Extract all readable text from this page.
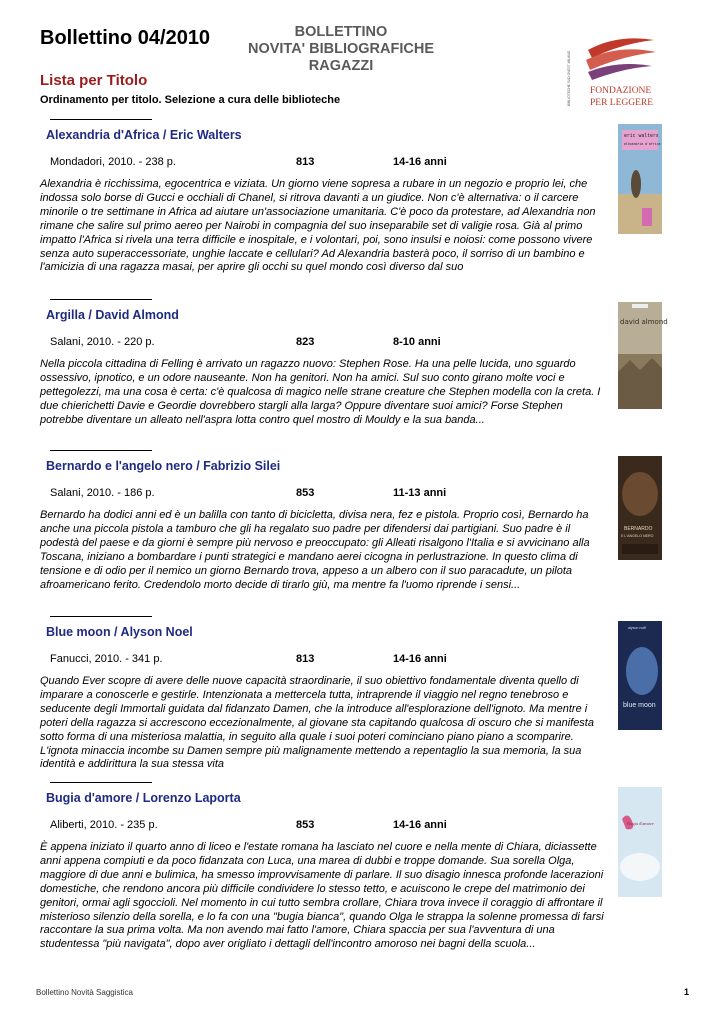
Bollettino 04/2010	BOLLETTINO
NOVITA' BIBLIOGRAFICHE
RAGAZZI
Lista per Titolo
Ordinamento per titolo. Selezione a cura delle biblioteche	BIBLIOTECHE SUD OVEST MILANO FONDAZIONE
PER LEGGERE
Alexandria d'Africa / Eric Walters
Mondadori, 2010. - 238 p.	813	14-16 anni
Alexandria è ricchissima, egocentrica e viziata. Un giorno viene sopresa a rubare in un negozio e proprio lei, che indossa solo borse di Gucci e occhiali di Chanel, si ritrova davanti a un giudice. Non c'è alternativa: o il carcere minorile o tre settimane in Africa ad aiutare un'associazione umanitaria. C'è poco da protestare, ad Alexandria non rimane che salire sul primo aereo per Nairobi in compagnia del suo inseparabile set di valigie rosa. Già al primo impatto l'Africa si rivela una terra difficile e inospitale, e i volontari, poi, sono insulsi e noiosi: come possono vivere senza auto superaccessoriate, unghie laccate e cellulari? Ad Alexandria basterà poco, il sorriso di un bambino e l'amicizia di una ragazza masai, per aprire gli occhi su quel mondo così diverso dal suo
eric walters
alexandria d'africa
Argilla / David Almond
Salani, 2010. - 220 p.	823	8-10 anni
Nella piccola cittadina di Felling è arrivato un ragazzo nuovo: Stephen Rose. Ha una pelle lucida, uno sguardo ossessivo, ipnotico, e un odore nauseante. Non ha genitori. Non ha amici. Sul suo conto girano molte voci e pettegolezzi, ma una cosa è certa: c'è qualcosa di magico nelle strane creature che Stephen modella con la creta. I due chierichetti Davie e Geordie dovrebbero stargli alla larga? Oppure diventare suoi amici? Forse Stephen potrebbe diventare un alleato nell'aspra lotta contro quel mostro di Mouldy e la sua banda...
david almond
Bernardo e l'angelo nero / Fabrizio Silei
Salani, 2010. - 186 p.	853	11-13 anni
Bernardo ha dodici anni ed è un balilla con tanto di bicicletta, divisa nera, fez e pistola. Proprio così, Bernardo ha anche una piccola pistola a tamburo che gli ha regalato suo padre per difendersi dai partigiani. Suo padre è il podestà del paese e da giorni è sempre più nervoso e preoccupato: gli Alleati risalgono l'Italia e si avvicinano alla Toscana, iniziano a bombardare i punti strategici e mandano aerei cicogna in perlustrazione. In questo clima di tensione e di odio per il nemico un giorno Bernardo trova, appeso a un albero con il suo paracadute, un pilota afroamericano ferito. Credendolo morto decide di tirarlo giù, ma mentre fa l'uomo riprende i sensi...
BERNARDO
E L'ANGELO NERO
Blue moon / Alyson Noel
Fanucci, 2010. - 341 p.	813	14-16 anni
Quando Ever scopre di avere delle nuove capacità straordinarie, il suo obiettivo fondamentale diventa quello di imparare a conoscerle e gestirle. Intenzionata a mettercela tutta, intraprende il viaggio nel regno tenebroso e seducente degli Immortali guidata dal fidanzato Damen, che la introduce all'esplorazione dell'ignoto. Ma mentre i poteri della ragazza si accrescono eccezionalmente, al giovane sta capitando qualcosa di oscuro che si manifesta sotto forma di una misteriosa malattia, in seguito alla quale i suoi poteri cominciano piano piano a scomparire. L'ignota minaccia incombe su Damen sempre più malignamente mettendo a repentaglio la sua memoria, la sua identità e addirittura la sua stessa vita
alyson noël
blue moon
Bugia d'amore / Lorenzo Laporta
Aliberti, 2010. - 235 p.	853	14-16 anni
È appena iniziato il quarto anno di liceo e l'estate romana ha lasciato nel cuore e nella mente di Chiara, diciassette anni appena compiuti e da poco fidanzata con Luca, una marea di dubbi e troppe domande. Sua sorella Olga, maggiore di due anni e bulimica, ha smesso improvvisamente di parlare. Il suo disagio innesca profonde lacerazioni domestiche, che rendono ancora più difficile condividere lo stesso tetto, e acuiscono le crepe del matrimonio dei genitori, ormai agli sgoccioli. Nel momento in cui tutto sembra crollare, Chiara trova invece il coraggio di affrontare il misterioso silenzio della sorella, e lo fa con una "bugia bianca", quando Olga le strappa la solenne promessa di farsi raccontare la sua prima volta. Ma non avendo mai fatto l'amore, Chiara spaccia per sua l'avventura di una studentessa "più navigata", dopo aver origliato i dettagli dell'incontro amoroso nei bagni della scuola...
Bugia d'amore
Bollettino Novità Saggistica	1
